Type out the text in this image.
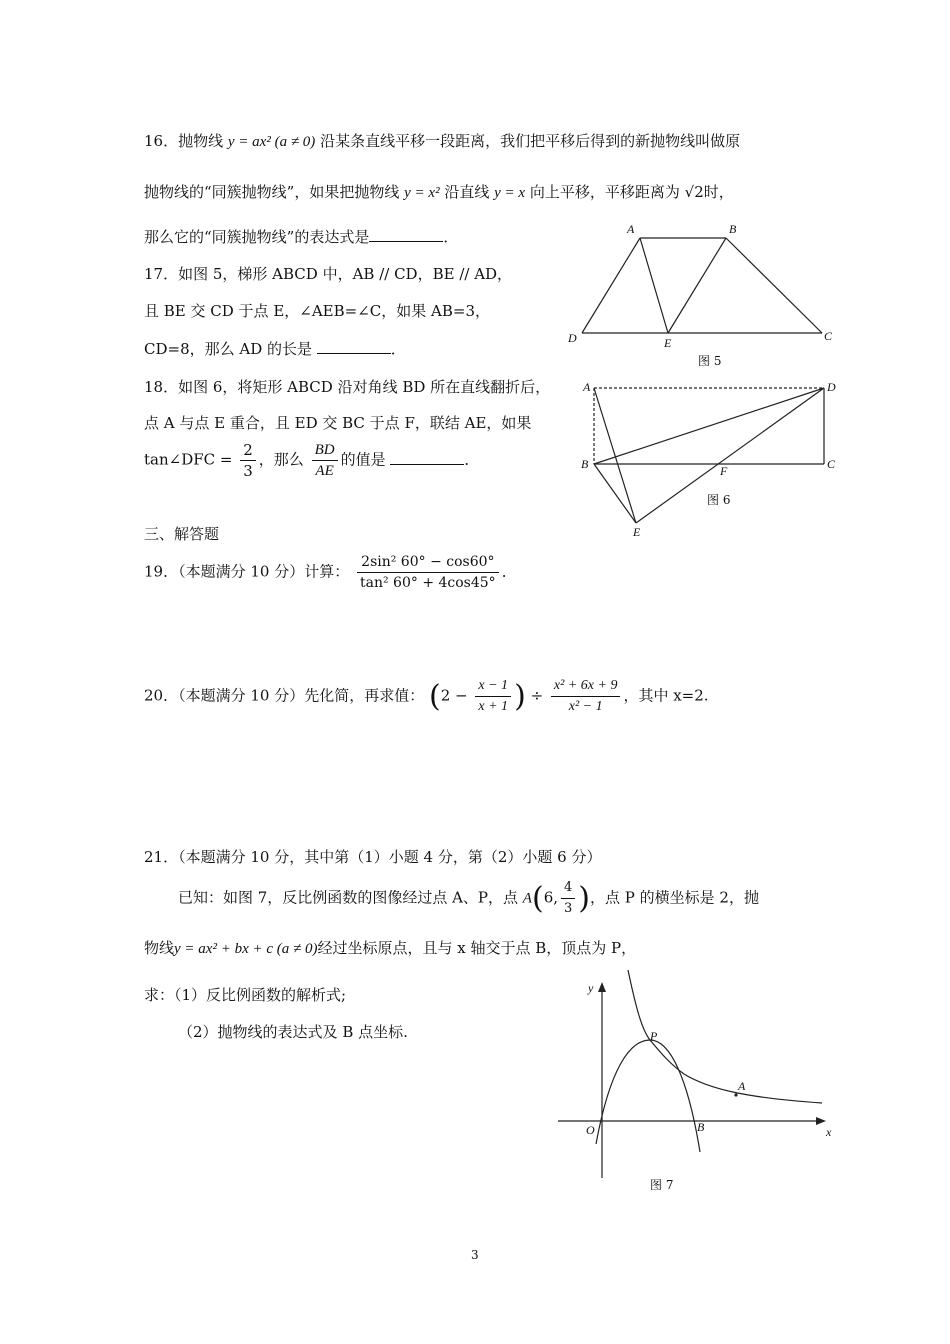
16．抛物线 y = ax² (a ≠ 0) 沿某条直线平移一段距离，我们把平移后得到的新抛物线叫做原
抛物线的“同簇抛物线”，如果把抛物线 y = x² 沿直线 y = x 向上平移，平移距离为 √2时，
那么它的“同簇抛物线”的表达式是	．
17．如图 5，梯形 ABCD 中，AB // CD，BE // AD，
且 BE 交 CD 于点 E，∠AEB=∠C，如果 AB=3，
CD=8，那么 AD 的长是	．
18．如图 6，将矩形 ABCD 沿对角线 BD 所在直线翻折后，
点 A 与点 E 重合，且 ED 交 BC 于点 F，联结 AE，如果
tan∠DFC = $\frac{2}{3}$ ，那么 $\frac{BD}{AE}$ 的值是	．
三、解答题
19．（本题满分 10 分）计算： $\frac{\text{2sin² 60° − cos60°}}{\text{tan² 60° + 4cos45°}}$ ．
20．（本题满分 10 分）先化简，再求值： ($2 - \frac{x - 1}{x + 1}$ ) ÷ $\frac{\text{x² + 6x + 9}}{\text{x² − 1}}$ ，其中 x=2.
21．（本题满分 10 分，其中第（1）小题 4 分，第（2）小题 6 分）
已知：如图 7，反比例函数的图像经过点 A、P，点 A(6, $\frac{4}{3}$ )，点 P 的横坐标是 2，抛
物线y = ax² + bx + c (a ≠ 0)经过坐标原点，且与 x 轴交于点 B，顶点为 P，
求：（1）反比例函数的解析式;
（2）抛物线的表达式及 B 点坐标.
A	B
C
D	E
图 5
A	D
B	C
F
E
图 6
y
x
O
P
A
B
图 7
3
